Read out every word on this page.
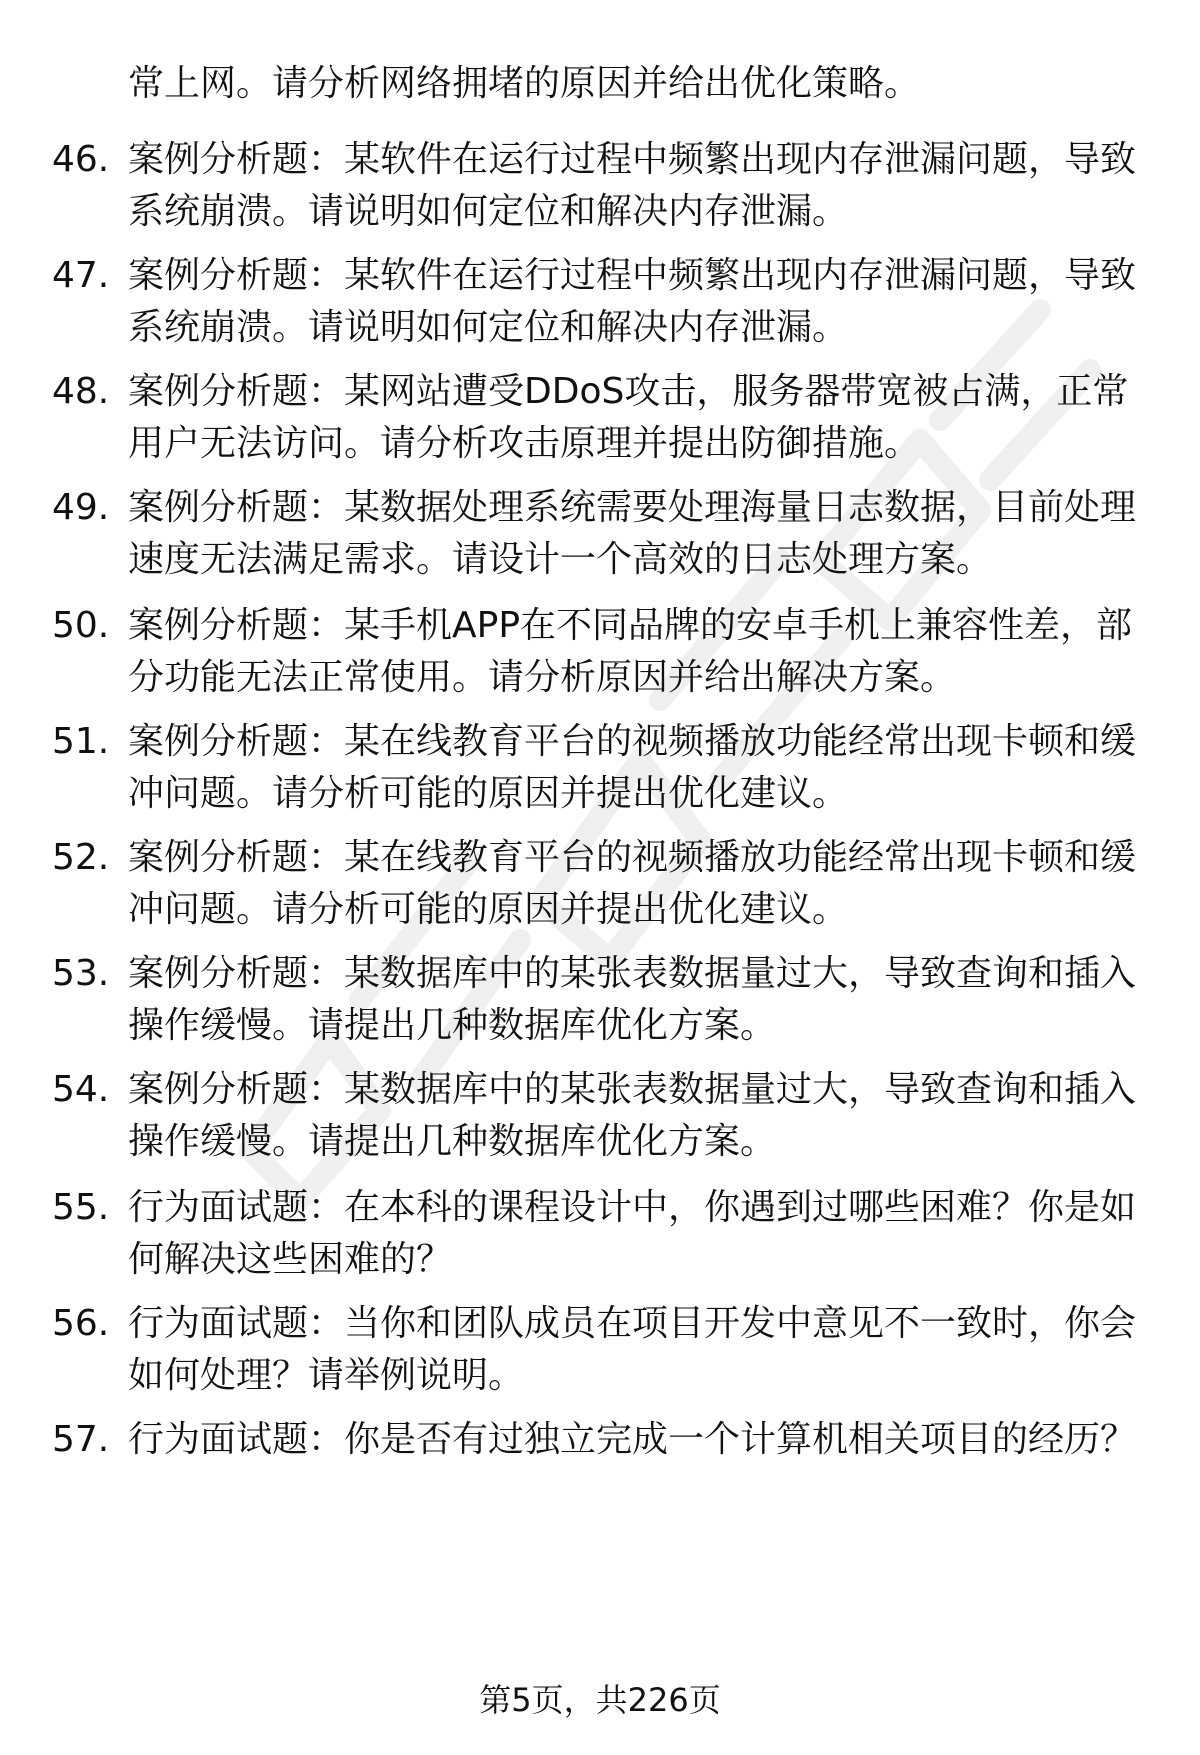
常上网。请分析网络拥堵的原因并给出优化策略。
46. 案例分析题：某软件在运行过程中频繁出现内存泄漏问题，导致
系统崩溃。请说明如何定位和解决内存泄漏。
47. 案例分析题：某软件在运行过程中频繁出现内存泄漏问题，导致
系统崩溃。请说明如何定位和解决内存泄漏。
48. 案例分析题：某网站遭受DDoS攻击，服务器带宽被占满，正常
用户无法访问。请分析攻击原理并提出防御措施。
49. 案例分析题：某数据处理系统需要处理海量日志数据，目前处理
速度无法满足需求。请设计一个高效的日志处理方案。
50. 案例分析题：某手机APP在不同品牌的安卓手机上兼容性差，部
分功能无法正常使用。请分析原因并给出解决方案。
51. 案例分析题：某在线教育平台的视频播放功能经常出现卡顿和缓
冲问题。请分析可能的原因并提出优化建议。
52. 案例分析题：某在线教育平台的视频播放功能经常出现卡顿和缓
冲问题。请分析可能的原因并提出优化建议。
53. 案例分析题：某数据库中的某张表数据量过大，导致查询和插入
操作缓慢。请提出几种数据库优化方案。
54. 案例分析题：某数据库中的某张表数据量过大，导致查询和插入
操作缓慢。请提出几种数据库优化方案。
55. 行为面试题：在本科的课程设计中，你遇到过哪些困难？你是如
何解决这些困难的？
56. 行为面试题：当你和团队成员在项目开发中意见不一致时，你会
如何处理？请举例说明。
57. 行为面试题：你是否有过独立完成一个计算机相关项目的经历？
第5页，共226页
